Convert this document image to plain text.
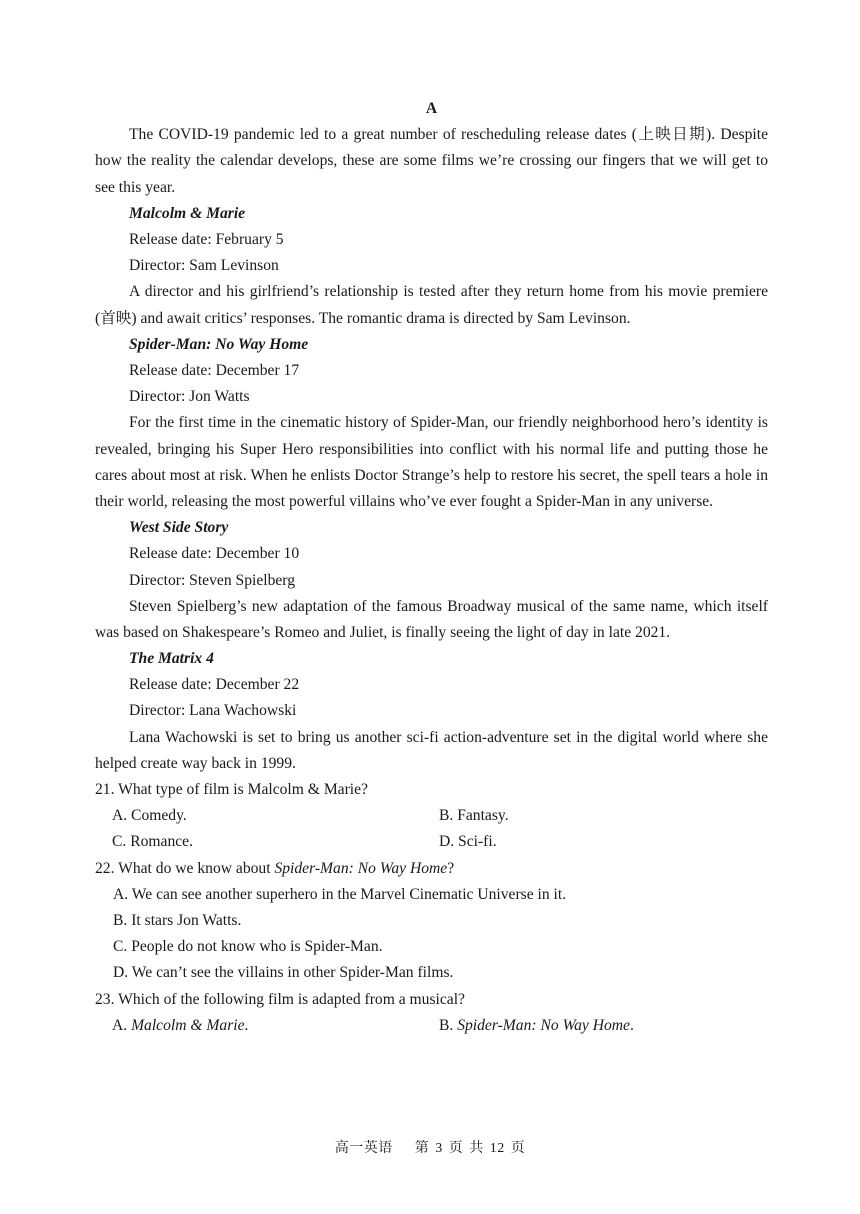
A

The COVID-19 pandemic led to a great number of rescheduling release dates (上映日期). Despite how the reality the calendar develops, these are some films we’re crossing our fingers that we will get to see this year.

Malcolm & Marie
Release date: February 5
Director: Sam Levinson

A director and his girlfriend’s relationship is tested after they return home from his movie premiere (首映) and await critics’ responses. The romantic drama is directed by Sam Levinson.

Spider-Man: No Way Home
Release date: December 17
Director: Jon Watts

For the first time in the cinematic history of Spider-Man, our friendly neighborhood hero’s identity is revealed, bringing his Super Hero responsibilities into conflict with his normal life and putting those he cares about most at risk. When he enlists Doctor Strange’s help to restore his secret, the spell tears a hole in their world, releasing the most powerful villains who’ve ever fought a Spider-Man in any universe.

West Side Story
Release date: December 10
Director: Steven Spielberg

Steven Spielberg’s new adaptation of the famous Broadway musical of the same name, which itself was based on Shakespeare’s Romeo and Juliet, is finally seeing the light of day in late 2021.

The Matrix 4
Release date: December 22
Director: Lana Wachowski

Lana Wachowski is set to bring us another sci-fi action-adventure set in the digital world where she helped create way back in 1999.

21. What type of film is Malcolm & Marie?
A. Comedy.	B. Fantasy.
C. Romance.	D. Sci-fi.
22. What do we know about Spider-Man: No Way Home?
A. We can see another superhero in the Marvel Cinematic Universe in it.
B. It stars Jon Watts.
C. People do not know who is Spider-Man.
D. We can’t see the villains in other Spider-Man films.
23. Which of the following film is adapted from a musical?
A. Malcolm & Marie.	B. Spider-Man: No Way Home.
高一英语 第 3 页 共 12 页
